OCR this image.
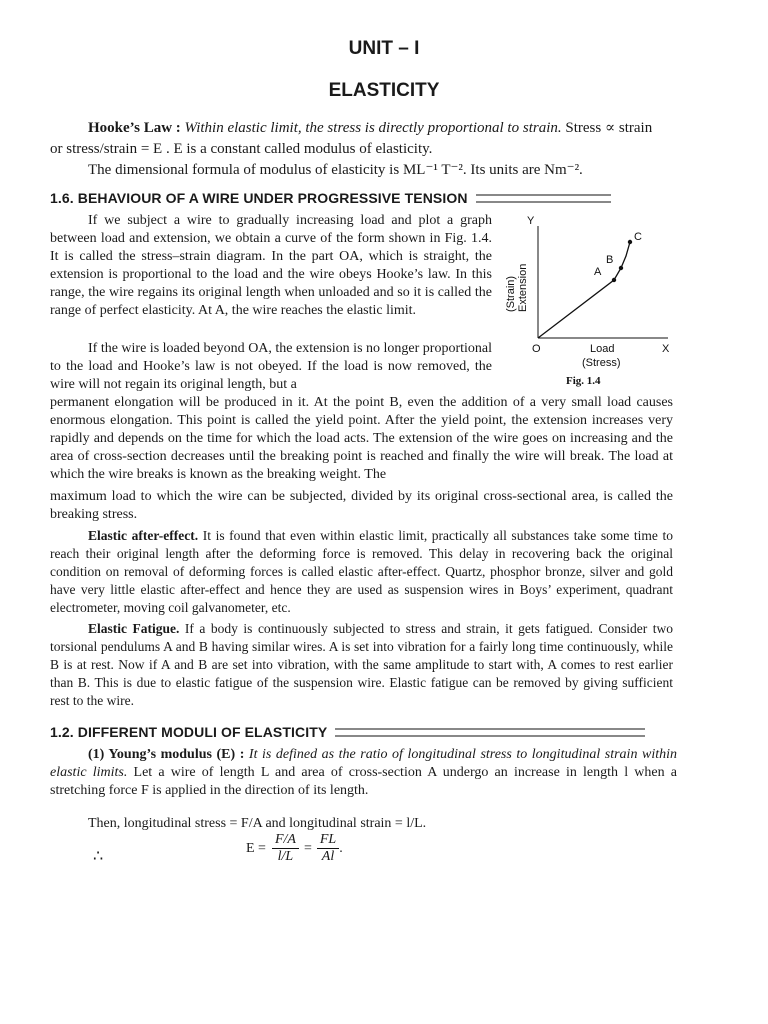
UNIT – I
ELASTICITY

Hooke’s Law : Within elastic limit, the stress is directly proportional to strain. Stress ∝ strain

or stress/strain = E . E is a constant called modulus of elasticity.

The dimensional formula of modulus of elasticity is ML⁻¹ T⁻². Its units are Nm⁻².

1.6. BEHAVIOUR OF A WIRE UNDER PROGRESSIVE TENSION

If we subject a wire to gradually increasing load and plot a graph between load and extension, we obtain a curve of the form shown in Fig. 1.4. It is called the stress–strain diagram. In the part OA, which is straight, the extension is proportional to the load and the wire obeys Hooke’s law. In this range, the wire regains its original length when unloaded and so it is called the range of perfect elasticity. At A, the wire reaches the elastic limit.

If the wire is loaded beyond OA, the extension is no longer proportional to the load and Hooke’s law is not obeyed. If the load is now removed, the wire will not regain its original length, but a

Y
X
O
(Strain) Extension	A
B
C
Load
(Stress)
Fig. 1.4

permanent elongation will be produced in it. At the point B, even the addition of a very small load causes enormous elongation. This point is called the yield point. After the yield point, the extension increases very rapidly and depends on the time for which the load acts. The extension of the wire goes on increasing and the area of cross-section decreases until the breaking point is reached and finally the wire will break. The load at which the wire breaks is known as the breaking weight. The

maximum load to which the wire can be subjected, divided by its original cross-sectional area, is called the breaking stress.

Elastic after-effect. It is found that even within elastic limit, practically all substances take some time to reach their original length after the deforming force is removed. This delay in recovering back the original condition on removal of deforming forces is called elastic after-effect. Quartz, phosphor bronze, silver and gold have very little elastic after-effect and hence they are used as suspension wires in Boys’ experiment, quadrant electrometer, moving coil galvanometer, etc.

Elastic Fatigue. If a body is continuously subjected to stress and strain, it gets fatigued. Consider two torsional pendulums A and B having similar wires. A is set into vibration for a fairly long time continuously, while B is at rest. Now if A and B are set into vibration, with the same amplitude to start with, A comes to rest earlier than B. This is due to elastic fatigue of the suspension wire. Elastic fatigue can be removed by giving sufficient rest to the wire.

1.2. DIFFERENT MODULI OF ELASTICITY

(1) Young’s modulus (E) : It is defined as the ratio of longitudinal stress to longitudinal strain within elastic limits. Let a wire of length L and area of cross-section A undergo an increase in length l when a stretching force F is applied in the direction of its length.

Then, longitudinal stress = F/A and longitudinal strain = l/L.
∴	$E = \frac{F/A}{l/L} = \frac{FL}{Al}$ .
